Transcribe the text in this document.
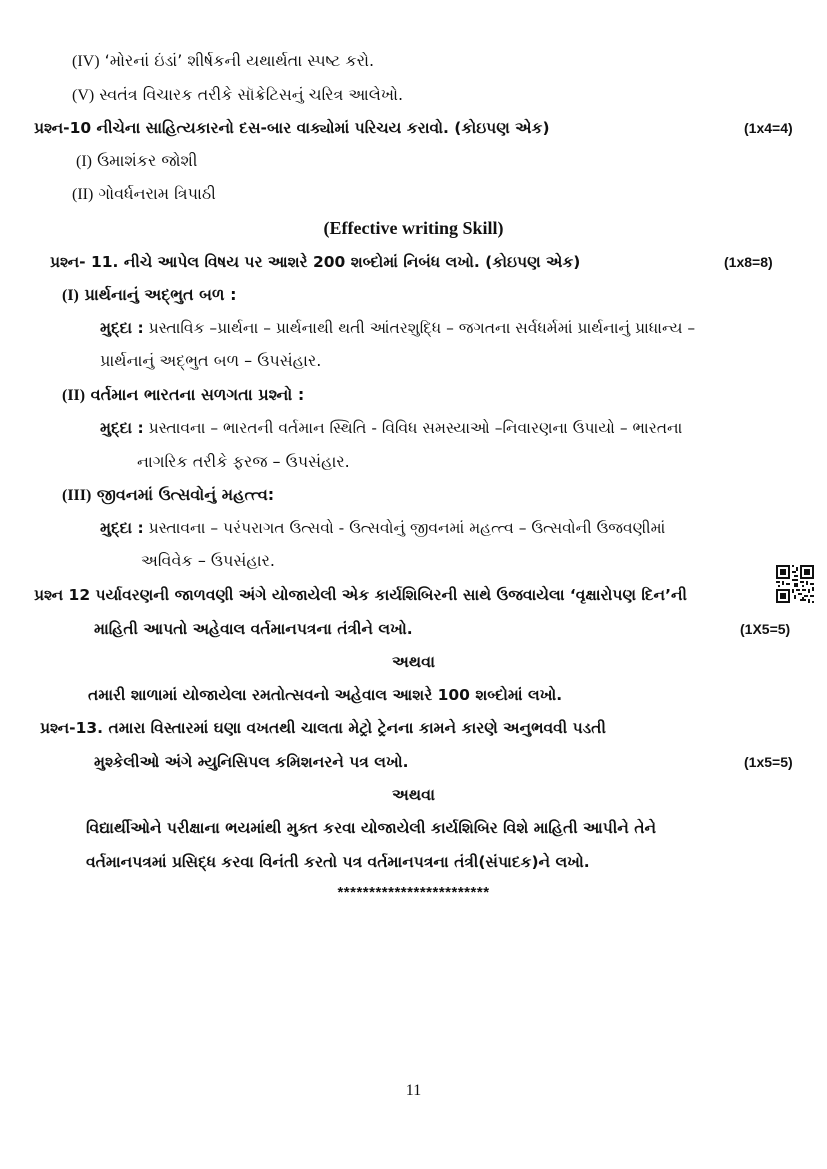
(IV) ‘મોરનાં ઇંડાં’ શીર્ષકની યથાર્થતા સ્પષ્ટ કરો.
(V) સ્વતંત્ર વિચારક તરીકે સૉક્રેટિસનું ચરિત્ર આલેખો.
પ્રશ્ન-10 નીચેના સાહિત્યકારનો દસ-બાર વાક્યોમાં પરિચય કરાવો. (કોઇપણ એક)	(1x4=4)
(I) ઉમાશંકર જોશી
(II) ગોવર્ધનરામ ત્રિપાઠી
(Effective writing Skill)
પ્રશ્ન- 11. નીચે આપેલ વિષય પર આશરે 200 શબ્દોમાં નિબંધ લખો. (કોઇપણ એક)	(1x8=8)
(I) પ્રાર્થનાનું અદ્ભુત બળ :
મુદ્દા : પ્રસ્તાવિક –પ્રાર્થના – પ્રાર્થનાથી થતી આંતરશુદ્ધિ – જગતના સર્વધર્મમાં પ્રાર્થનાનું પ્રાધાન્ય –
પ્રાર્થનાનું અદ્ભુત બળ – ઉપસંહાર.
(II) વર્તમાન ભારતના સળગતા પ્રશ્નો :
મુદ્દા : પ્રસ્તાવના – ભારતની વર્તમાન સ્થિતિ - વિવિધ સમસ્યાઓ –નિવારણના ઉપાયો – ભારતના
નાગરિક તરીકે ફરજ – ઉપસંહાર.
(III) જીવનમાં ઉત્સવોનું મહત્ત્વ:
મુદ્દા : પ્રસ્તાવના – પરંપરાગત ઉત્સવો - ઉત્સવોનું જીવનમાં મહત્ત્વ – ઉત્સવોની ઉજવણીમાં
અવિવેક – ઉપસંહાર.
પ્રશ્ન 12 પર્યાવરણની જાળવણી અંગે યોજાયેલી એક કાર્યશિબિરની સાથે ઉજવાયેલા ‘વૃક્ષારોપણ દિન’ની
માહિતી આપતો અહેવાલ વર્તમાનપત્રના તંત્રીને લખો.	(1X5=5)
અથવા
તમારી શાળામાં યોજાયેલા રમતોત્સવનો અહેવાલ આશરે 100 શબ્દોમાં લખો.
પ્રશ્ન-13. તમારા વિસ્તારમાં ઘણા વખતથી ચાલતા મેટ્રો ટ્રેનના કામને કારણે અનુભવવી પડતી
મુશ્કેલીઓ અંગે મ્યુનિસિપલ કમિશનરને પત્ર લખો.	(1x5=5)
અથવા
વિદ્યાર્થીઓને પરીક્ષાના ભયમાંથી મુક્ત કરવા યોજાયેલી કાર્યશિબિર વિશે માહિતી આપીને તેને
વર્તમાનપત્રમાં પ્રસિદ્ધ કરવા વિનંતી કરતો પત્ર વર્તમાનપત્રના તંત્રી(સંપાદક)ને લખો.
************************
11
